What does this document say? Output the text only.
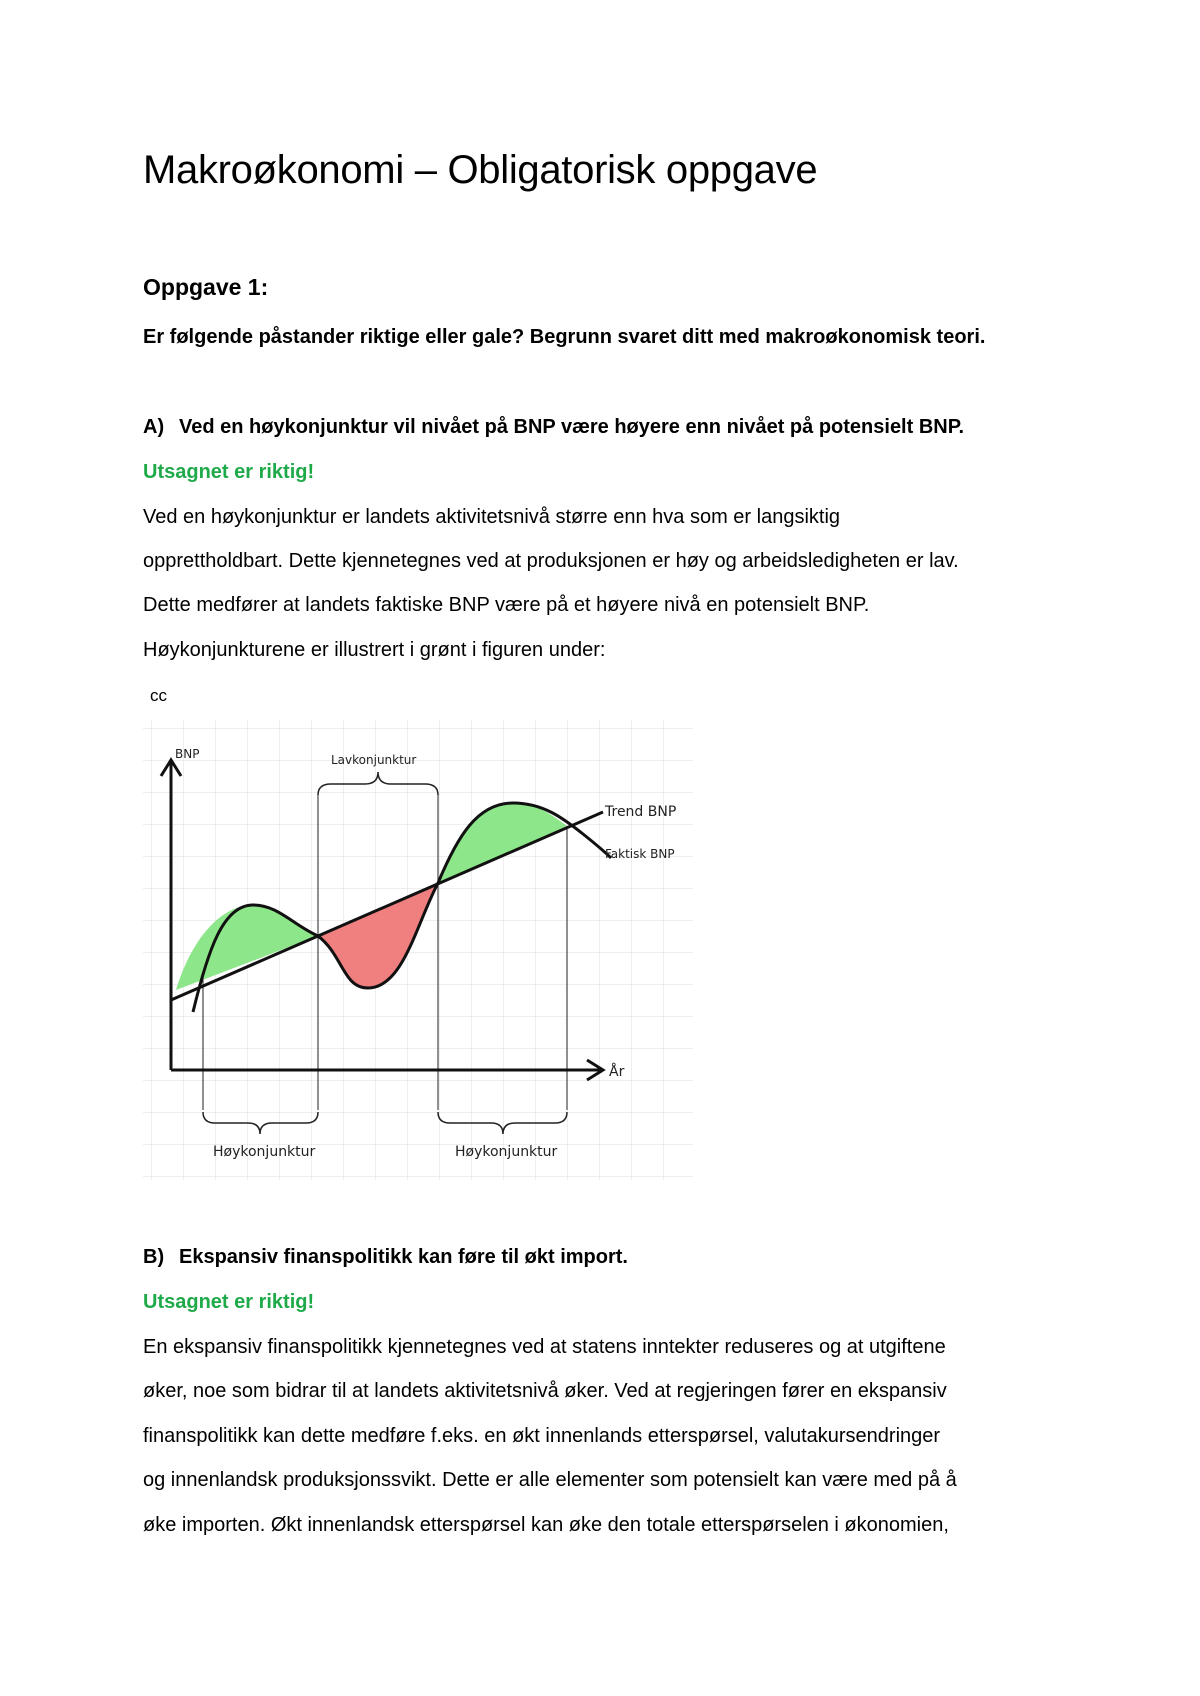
Makroøkonomi – Obligatorisk oppgave
Oppgave 1:
Er følgende påstander riktige eller gale? Begrunn svaret ditt med makroøkonomisk teori.
A) Ved en høykonjunktur vil nivået på BNP være høyere enn nivået på potensielt BNP.
Utsagnet er riktig!
Ved en høykonjunktur er landets aktivitetsnivå større enn hva som er langsiktig
opprettholdbart. Dette kjennetegnes ved at produksjonen er høy og arbeidsledigheten er lav.
Dette medfører at landets faktiske BNP være på et høyere nivå en potensielt BNP.
Høykonjunkturene er illustrert i grønt i figuren under:
cc
BNP
År
Trend BNP
Faktisk BNP
Lavkonjunktur
Høykonjunktur	Høykonjunktur
B) Ekspansiv finanspolitikk kan føre til økt import.
Utsagnet er riktig!
En ekspansiv finanspolitikk kjennetegnes ved at statens inntekter reduseres og at utgiftene
øker, noe som bidrar til at landets aktivitetsnivå øker. Ved at regjeringen fører en ekspansiv
finanspolitikk kan dette medføre f.eks. en økt innenlands etterspørsel, valutakursendringer
og innenlandsk produksjonssvikt. Dette er alle elementer som potensielt kan være med på å
øke importen. Økt innenlandsk etterspørsel kan øke den totale etterspørselen i økonomien,
